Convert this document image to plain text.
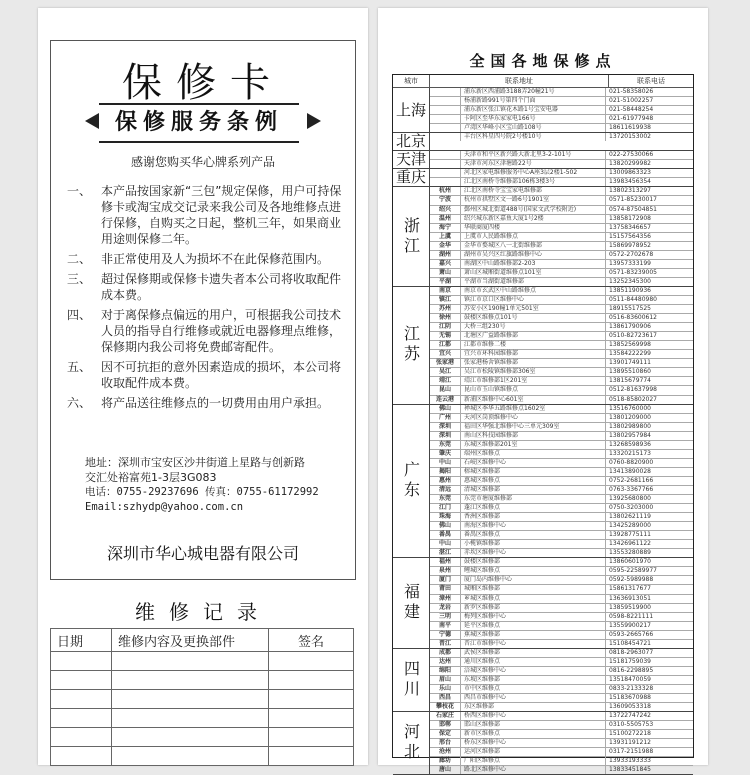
保修卡
保修服务条例
感谢您购买华心牌系列产品
一、 本产品按国家新“三包”规定保修，用户可持保修卡或淘宝成交记录来我公司及各地维修点进行保修，自购买之日起，整机三年，如果商业用途则保修二年。
二、 非正常使用及人为损坏不在此保修范围内。
三、 超过保修期或保修卡遗失者本公司将收取配件成本费。
四、 对于离保修点偏远的用户，可根据我公司技术人员的指导自行维修或就近电器修理点维修，保修期内我公司将免费邮寄配件。
五、 因不可抗拒的意外因素造成的损坏，本公司将收取配件成本费。
六、 将产品送往维修点的一切费用由用户承担。
地址：深圳市宝安区沙井街道上星路与创新路
交汇处裕富苑1-3层3G083
电话：0755-29237696 传真：0755-61172992
Email:szhydp@yahoo.com.cn
深圳市华心城电器有限公司
维修记录
日期	维修内容及更换部件	签名

全国各地保修点
城市	联系地址	联系电话
上海
浦东新区西浦路3188弄20幢21号	021-58358026
杨浦新路991号第四个门面	021-51002257
浦东新区张江镇花木路1号宝安电器	021-58448254
卡阿区至华东家家电166号	021-61977948
卢湾区华峰小区宝山路108号	18611619938
北京	丰台区科星四号院2号楼10号	13720153002
天津	天津市和平区新兴路大新北里3-2-101号	022-27530066
天津市河东区津塘路22号	13820299982
重庆	河北区家电维修服务中心A座3层2楼1-502	13009863323
江北区南桥寺维修部106栋3楼3号	13983456354
浙江
杭州	江北区南桥寺宝宝家电维修部	13802313297
宁波	杭州市拱墅区文一路6号1901室	0571-85230017
绍兴	鄞州区城北街道488号(国家文武学校附近)	0574-87504851
温州	绍兴城东新区嘉鱼大厦1号2楼	13858172908
海宁	华联商厦四楼	13758346657
上虞	上虞市人民路维修点	15157564356
金华	金华市婺城区八一北街维修部	15869978952
湖州	湖州市吴兴区红旗路维修中心	0572-2702678
嘉兴	南湖区中山路维修部2-203	13957333199
萧山	萧山区城厢街道维修点101室	0571-83239005
平湖	平湖市当湖街道维修部	13252345300
江苏
南京	南京市玄武区中山路维修点	13851190936
镇江	镇江市京口区维修中心	0511-84480980
苏州	苏安小区190幢1单元501室	18915517525
徐州	鼓楼区维修点101号	0516-83600612
江阴	大桥三组230号	13861790906
无锡	北塘区广益路维修部	0510-82723617
江都	江都市维修二楼	13852569998
宜兴	宜兴市环科园维修部	13584222299
张家港	张家港杨舍镇维修部	13901749111
吴江	吴江市松陵镇维修部306室	13895510860
靖江	靖江市维修部1区201室	13815679774
昆山	昆山市玉山镇维修点	0512-81637998
连云港	新浦区维修中心601室	0518-85802027
广东
佛山	禅城区季华五路维修点1602室	13516760000
广州	天河区岗顶维修中心	13801209000
深圳	福田区华强北维修中心三单元309室	13802989800
深圳	南山区科技园维修部	13802957984
东莞	东城区维修部201室	13268598936
肇庆	端州区维修点	13320215173
中山	石岐区维修中心	0760-8820900
揭阳	榕城区维修部	13413890028
惠州	惠城区维修点	0752-2681166
清远	清城区维修部	0763-3367766
东莞	东莞市塘厦维修部	13925680800
江门	蓬江区维修点	0750-3203000
珠海	香洲区维修部	13802621119
佛山	南海区维修中心	13425289000
番禺	番禺区维修点	13928775111
中山	小榄镇维修部	13426961122
湛江	赤坎区维修中心	13553280889
福建
福州	鼓楼区维修部	13860601970
泉州	鲤城区维修点	0595-22589977
厦门	厦门岛内维修中心	0592-5989988
莆田	城厢区维修部	15861317677
漳州	芗城区维修点	13636913051
龙岩	新罗区维修部	13859519900
三明	梅列区维修中心	0598-8221111
南平	延平区维修点	13559900217
宁德	蕉城区维修部	0593-2665766
晋江	晋江市维修中心	15108454721
四川
成都	武侯区维修部	0818-2963077
达州	通川区维修点	15181759039
绵阳	涪城区维修中心	0816-2298895
眉山	东坡区维修部	13518470059
乐山	市中区维修点	0833-2133328
西昌	西昌市维修中心	15183670988
攀枝花	东区维修部	13609053318
河北
石家庄	桥西区维修中心	13722747242
邯郸	邯山区维修部	0310-5505753
保定	新市区维修点	15100272218
邢台	桥东区维修中心	13931191212
沧州	运河区维修部	0317-2151988
廊坊	广阳区维修点	13933193333
唐山	路北区维修中心	13833451845
